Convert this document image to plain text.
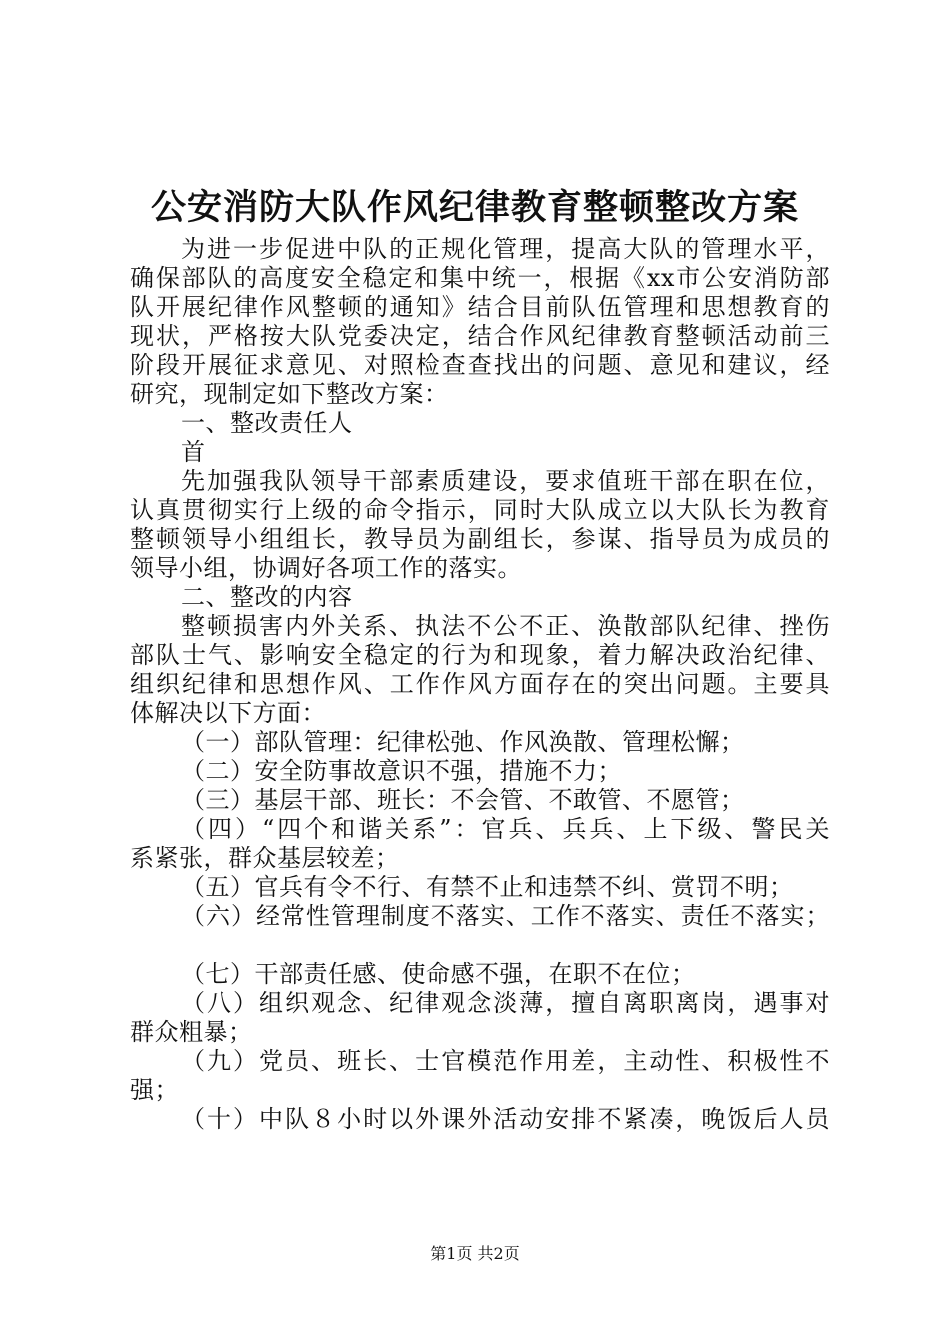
公安消防大队作风纪律教育整顿整改方案
为进一步促进中队的正规化管理，提高大队的管理水平，
确保部队的高度安全稳定和集中统一，根据《xx市公安消防部
队开展纪律作风整顿的通知》结合目前队伍管理和思想教育的
现状，严格按大队党委决定，结合作风纪律教育整顿活动前三
阶段开展征求意见、对照检查查找出的问题、意见和建议，经
研究，现制定如下整改方案：
一、整改责任人
首
先加强我队领导干部素质建设，要求值班干部在职在位，
认真贯彻实行上级的命令指示，同时大队成立以大队长为教育
整顿领导小组组长，教导员为副组长，参谋、指导员为成员的
领导小组，协调好各项工作的落实。
二、整改的内容
整顿损害内外关系、执法不公不正、涣散部队纪律、挫伤
部队士气、影响安全稳定的行为和现象，着力解决政治纪律、
组织纪律和思想作风、工作作风方面存在的突出问题。主要具
体解决以下方面：
（一）部队管理：纪律松弛、作风涣散、管理松懈；
（二）安全防事故意识不强，措施不力；
（三）基层干部、班长：不会管、不敢管、不愿管；
（四）“四个和谐关系”：官兵、兵兵、上下级、警民关
系紧张，群众基层较差；
（五）官兵有令不行、有禁不止和违禁不纠、赏罚不明；
（六）经常性管理制度不落实、工作不落实、责任不落实；
（七）干部责任感、使命感不强，在职不在位；
（八）组织观念、纪律观念淡薄，擅自离职离岗，遇事对
群众粗暴；
（九）党员、班长、士官模范作用差，主动性、积极性不
强；
（十）中队８小时以外课外活动安排不紧凑，晚饭后人员
第1页 共2页
